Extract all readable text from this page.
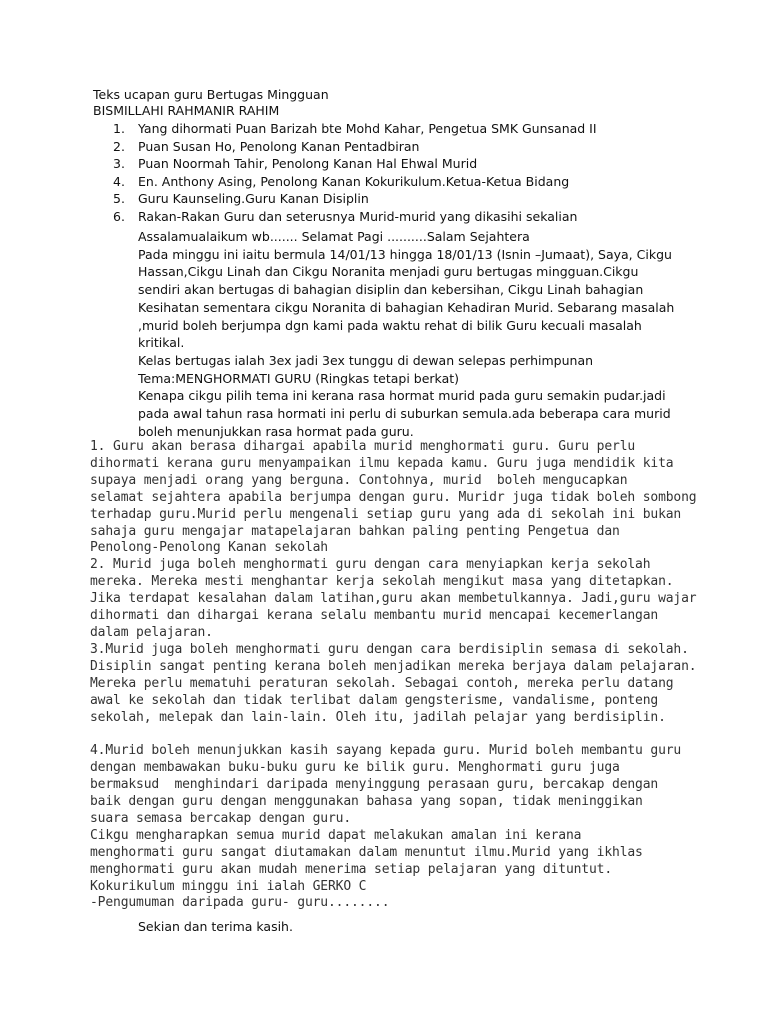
Teks ucapan guru Bertugas Mingguan
BISMILLAHI RAHMANIR RAHIM
1. Yang dihormati Puan Barizah bte Mohd Kahar, Pengetua SMK Gunsanad II
2. Puan Susan Ho, Penolong Kanan Pentadbiran
3. Puan Noormah Tahir, Penolong Kanan Hal Ehwal Murid
4. En. Anthony Asing, Penolong Kanan Kokurikulum.Ketua-Ketua Bidang
5. Guru Kaunseling.Guru Kanan Disiplin
6. Rakan-Rakan Guru dan seterusnya Murid-murid yang dikasihi sekalian
Assalamualaikum wb....... Selamat Pagi ..........Salam Sejahtera
Pada minggu ini iaitu bermula 14/01/13 hingga 18/01/13 (Isnin –Jumaat), Saya, Cikgu
Hassan,Cikgu Linah dan Cikgu Noranita menjadi guru bertugas mingguan.Cikgu
sendiri akan bertugas di bahagian disiplin dan kebersihan, Cikgu Linah bahagian
Kesihatan sementara cikgu Noranita di bahagian Kehadiran Murid. Sebarang masalah
,murid boleh berjumpa dgn kami pada waktu rehat di bilik Guru kecuali masalah
kritikal.
Kelas bertugas ialah 3ex jadi 3ex tunggu di dewan selepas perhimpunan
Tema:MENGHORMATI GURU (Ringkas tetapi berkat)
Kenapa cikgu pilih tema ini kerana rasa hormat murid pada guru semakin pudar.jadi
pada awal tahun rasa hormati ini perlu di suburkan semula.ada beberapa cara murid
boleh menunjukkan rasa hormat pada guru.
1. Guru akan berasa dihargai apabila murid menghormati guru. Guru perlu
dihormati kerana guru menyampaikan ilmu kepada kamu. Guru juga mendidik kita
supaya menjadi orang yang berguna. Contohnya, murid  boleh mengucapkan
selamat sejahtera apabila berjumpa dengan guru. Muridr juga tidak boleh sombong
terhadap guru.Murid perlu mengenali setiap guru yang ada di sekolah ini bukan
sahaja guru mengajar matapelajaran bahkan paling penting Pengetua dan
Penolong-Penolong Kanan sekolah
2. Murid juga boleh menghormati guru dengan cara menyiapkan kerja sekolah
mereka. Mereka mesti menghantar kerja sekolah mengikut masa yang ditetapkan.
Jika terdapat kesalahan dalam latihan,guru akan membetulkannya. Jadi,guru wajar
dihormati dan dihargai kerana selalu membantu murid mencapai kecemerlangan
dalam pelajaran.
3.Murid juga boleh menghormati guru dengan cara berdisiplin semasa di sekolah.
Disiplin sangat penting kerana boleh menjadikan mereka berjaya dalam pelajaran.
Mereka perlu mematuhi peraturan sekolah. Sebagai contoh, mereka perlu datang
awal ke sekolah dan tidak terlibat dalam gengsterisme, vandalisme, ponteng
sekolah, melepak dan lain-lain. Oleh itu, jadilah pelajar yang berdisiplin.
4.Murid boleh menunjukkan kasih sayang kepada guru. Murid boleh membantu guru
dengan membawakan buku-buku guru ke bilik guru. Menghormati guru juga
bermaksud  menghindari daripada menyinggung perasaan guru, bercakap dengan
baik dengan guru dengan menggunakan bahasa yang sopan, tidak meninggikan
suara semasa bercakap dengan guru.
Cikgu mengharapkan semua murid dapat melakukan amalan ini kerana
menghormati guru sangat diutamakan dalam menuntut ilmu.Murid yang ikhlas
menghormati guru akan mudah menerima setiap pelajaran yang dituntut.
Kokurikulum minggu ini ialah GERKO C
-Pengumuman daripada guru- guru........
Sekian dan terima kasih.
